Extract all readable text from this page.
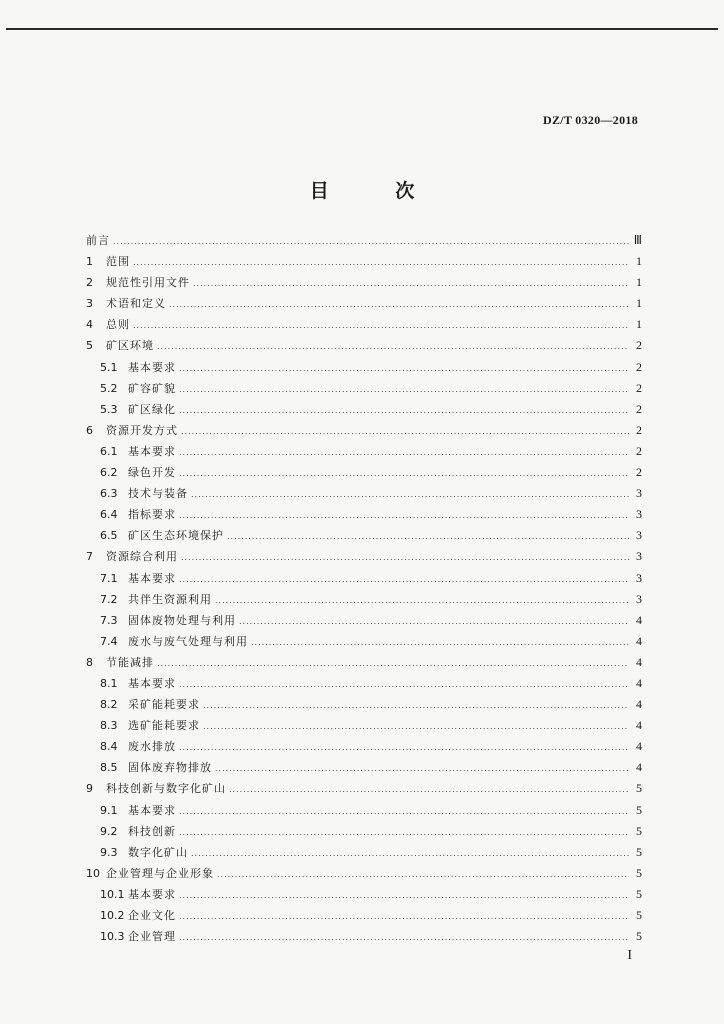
DZ/T 0320—2018
目 次
前言 .....	Ⅲ
1	范围 .....	1
2	规范性引用文件 .....	1
3	术语和定义 .....	1
4	总则 .....	1
5	矿区环境 .....	2
5.1 基本要求 .....	2
5.2 矿容矿貌 .....	2
5.3 矿区绿化 .....	2
6	资源开发方式 .....	2
6.1 基本要求 .....	2
6.2 绿色开发 .....	2
6.3 技术与装备 .....	3
6.4 指标要求 .....	3
6.5 矿区生态环境保护 .....	3
7	资源综合利用 .....	3
7.1 基本要求 .....	3
7.2 共伴生资源利用 .....	3
7.3 固体废物处理与利用 .....	4
7.4 废水与废气处理与利用 .....	4
8	节能减排 .....	4
8.1 基本要求 .....	4
8.2 采矿能耗要求 .....	4
8.3 选矿能耗要求 .....	4
8.4 废水排放 .....	4
8.5 固体废弃物排放 .....	4
9	科技创新与数字化矿山 .....	5
9.1 基本要求 .....	5
9.2 科技创新 .....	5
9.3 数字化矿山 .....	5
10 企业管理与企业形象 .....	5
10.1 基本要求 .....	5
10.2 企业文化 .....	5
10.3 企业管理 .....	5
I
